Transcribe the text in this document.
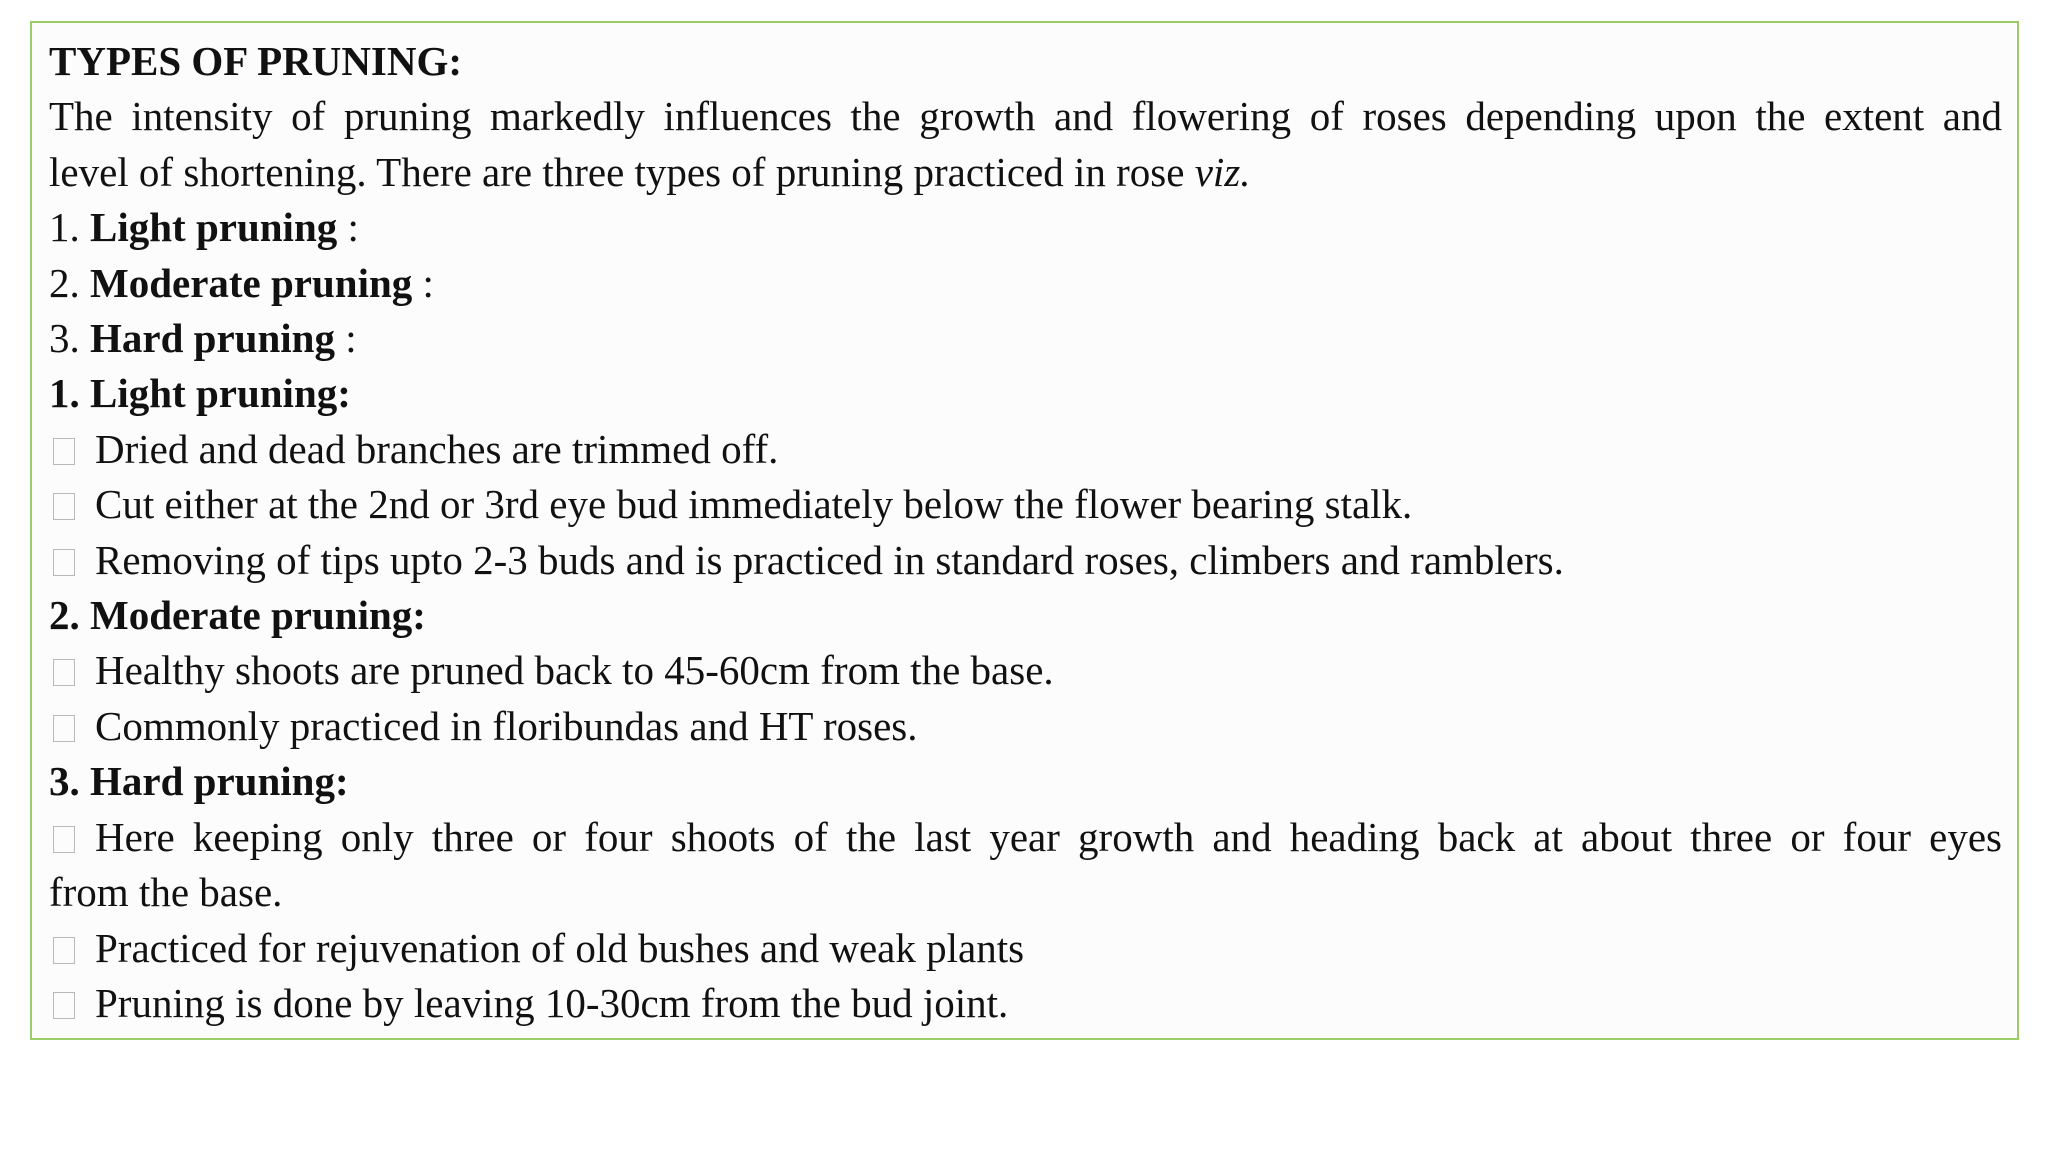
TYPES OF PRUNING:

The intensity of pruning markedly influences the growth and flowering of roses depending upon the extent and

level of shortening. There are three types of pruning practiced in rose viz.

1. Light pruning :

2. Moderate pruning :

3. Hard pruning :

1. Light pruning:

Dried and dead branches are trimmed off.

Cut either at the 2nd or 3rd eye bud immediately below the flower bearing stalk.

Removing of tips upto 2-3 buds and is practiced in standard roses, climbers and ramblers.

2. Moderate pruning:

Healthy shoots are pruned back to 45-60cm from the base.

Commonly practiced in floribundas and HT roses.

3. Hard pruning:

Here keeping only three or four shoots of the last year growth and heading back at about three or four eyes

from the base.

Practiced for rejuvenation of old bushes and weak plants

Pruning is done by leaving 10-30cm from the bud joint.
